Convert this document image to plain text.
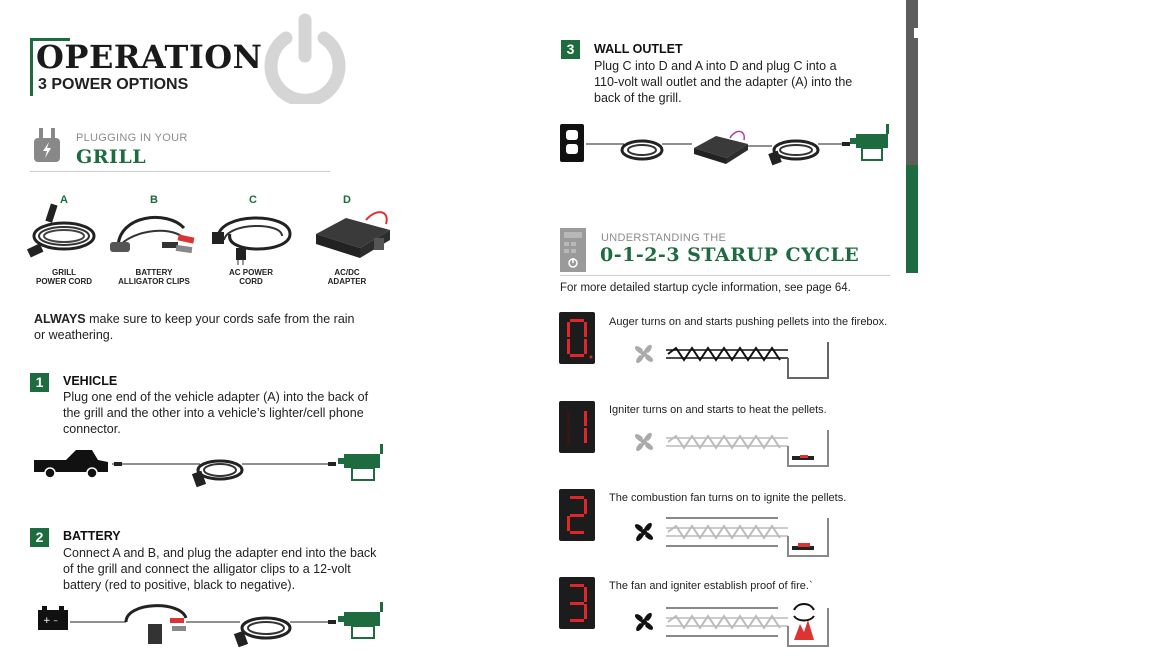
OPERATION
3 POWER OPTIONS
PLUGGING IN YOUR
GRILL
A	B	C	D
GRILL
POWER CORD
BATTERY
ALLIGATOR CLIPS
AC POWER
CORD
AC/DC
ADAPTER
ALWAYS make sure to keep your cords safe from the rain
or weathering.
1	VEHICLE
Plug one end of the vehicle adapter (A) into the back of
the grill and the other into a vehicle’s lighter/cell phone
connector.
2	BATTERY
Connect A and B, and plug the adapter end into the back
of the grill and connect the alligator clips to a 12-volt
battery (red to positive, black to negative).
+ –
3	WALL OUTLET
Plug C into D and A into D and plug C into a
110-volt wall outlet and the adapter (A) into the
back of the grill.
UNDERSTANDING THE
0-1-2-3 STARUP CYCLE
For more detailed startup cycle information, see page 64.
Auger turns on and starts pushing pellets into the firebox.
Igniter turns on and starts to heat the pellets.
The combustion fan turns on to ignite the pellets.
The fan and igniter establish proof of fire.`
